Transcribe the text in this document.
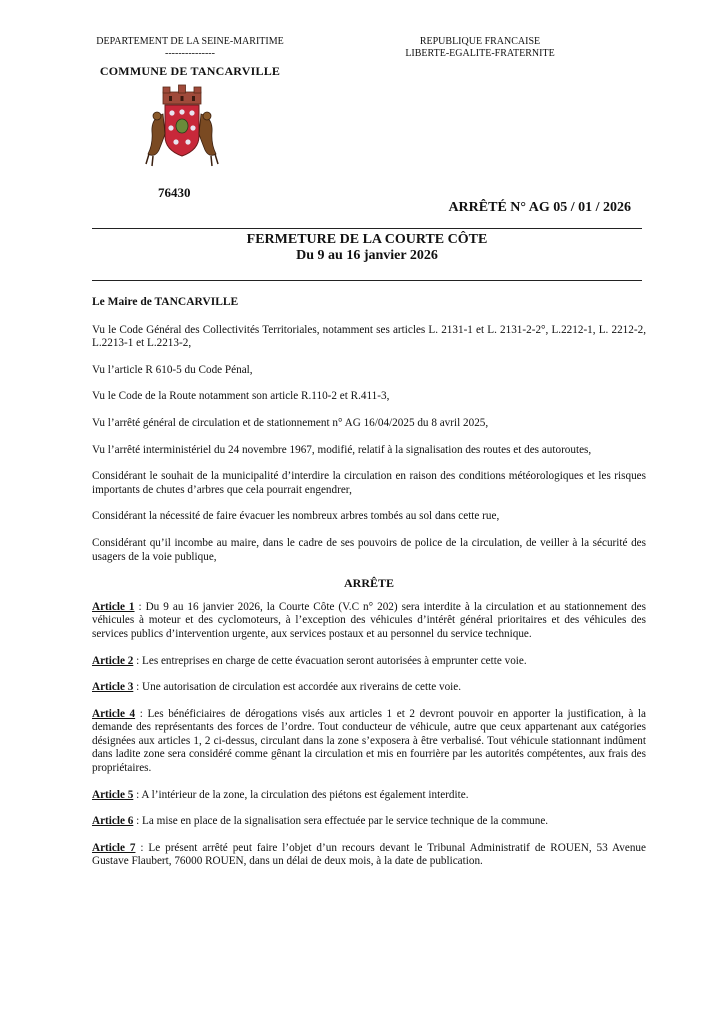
DEPARTEMENT DE LA SEINE-MARITIME
---------------
COMMUNE DE TANCARVILLE
REPUBLIQUE FRANCAISE
LIBERTE-EGALITE-FRATERNITE
76430
ARRÊTÉ N° AG 05 / 01 / 2026
FERMETURE DE LA COURTE CÔTE
Du 9 au 16 janvier 2026

Le Maire de TANCARVILLE

Vu le Code Général des Collectivités Territoriales, notamment ses articles L. 2131-1 et L. 2131-2-2°, L.2212-1, L. 2212-2, L.2213-1 et L.2213-2,

Vu l’article R 610-5 du Code Pénal,

Vu le Code de la Route notamment son article R.110-2 et R.411-3,

Vu l’arrêté général de circulation et de stationnement n° AG 16/04/2025 du 8 avril 2025,

Vu l’arrêté interministériel du 24 novembre 1967, modifié, relatif à la signalisation des routes et des autoroutes,

Considérant le souhait de la municipalité d’interdire la circulation en raison des conditions météorologiques et les risques importants de chutes d’arbres que cela pourrait engendrer,

Considérant la nécessité de faire évacuer les nombreux arbres tombés au sol dans cette rue,

Considérant qu’il incombe au maire, dans le cadre de ses pouvoirs de police de la circulation, de veiller à la sécurité des usagers de la voie publique,

ARRÊTE

Article 1 : Du 9 au 16 janvier 2026, la Courte Côte (V.C n° 202) sera interdite à la circulation et au stationnement des véhicules à moteur et des cyclomoteurs, à l’exception des véhicules d’intérêt général prioritaires et des véhicules des services publics d’intervention urgente, aux services postaux et au personnel du service technique.

Article 2 : Les entreprises en charge de cette évacuation seront autorisées à emprunter cette voie.

Article 3 : Une autorisation de circulation est accordée aux riverains de cette voie.

Article 4 : Les bénéficiaires de dérogations visés aux articles 1 et 2 devront pouvoir en apporter la justification, à la demande des représentants des forces de l’ordre. Tout conducteur de véhicule, autre que ceux appartenant aux catégories désignées aux articles 1, 2 ci-dessus, circulant dans la zone s’exposera à être verbalisé. Tout véhicule stationnant indûment dans ladite zone sera considéré comme gênant la circulation et mis en fourrière par les autorités compétentes, aux frais des propriétaires.

Article 5 : A l’intérieur de la zone, la circulation des piétons est également interdite.

Article 6 : La mise en place de la signalisation sera effectuée par le service technique de la commune.

Article 7 : Le présent arrêté peut faire l’objet d’un recours devant le Tribunal Administratif de ROUEN, 53 Avenue Gustave Flaubert, 76000 ROUEN, dans un délai de deux mois, à la date de publication.
